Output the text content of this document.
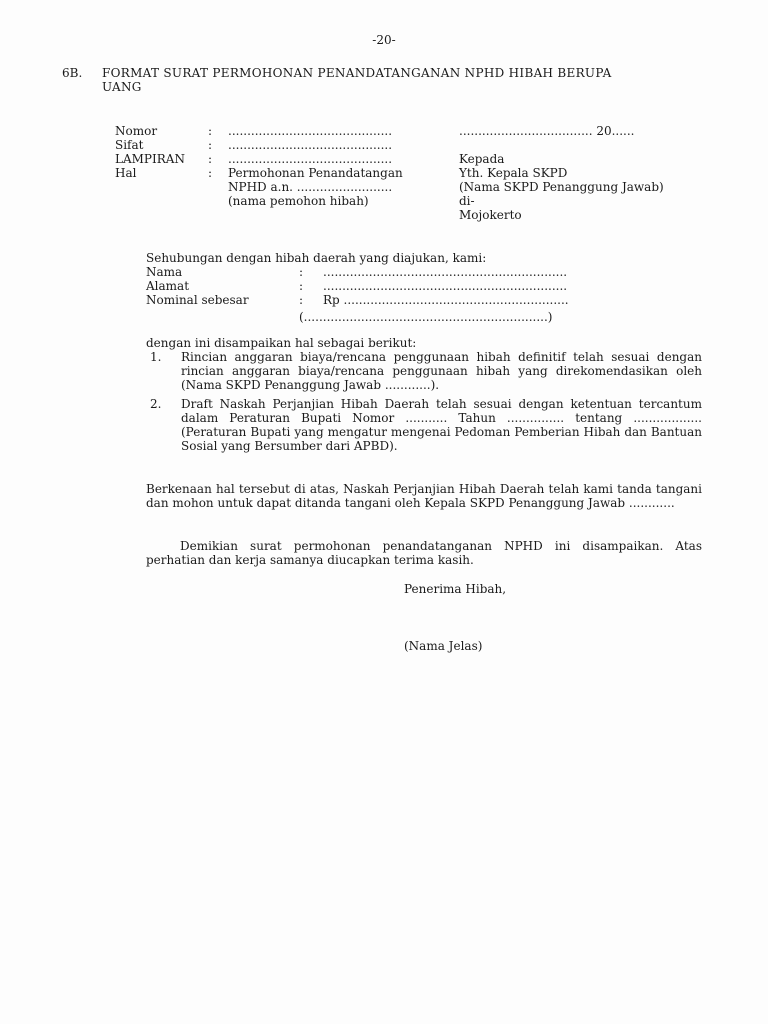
-20-
6B. FORMAT SURAT PERMOHONAN PENANDATANGANAN NPHD HIBAH BERUPA
UANG
Nomor	: ...........................................	................................... 20......
Sifat	: ...........................................
LAMPIRAN : ...........................................	Kepada
Hal	: Permohonan Penandatangan	Yth. Kepala SKPD
NPHD a.n. .........................	(Nama SKPD Penanggung Jawab)
(nama pemohon hibah)	di-
Mojokerto
Sehubungan dengan hibah daerah yang diajukan, kami:
Nama	: ................................................................
Alamat	: ................................................................
Nominal sebesar	: Rp ...........................................................
(................................................................)
dengan ini disampaikan hal sebagai berikut:
1. Rincian anggaran biaya/rencana penggunaan hibah definitif telah sesuai dengan rincian anggaran biaya/rencana penggunaan hibah yang direkomendasikan oleh (Nama SKPD Penanggung Jawab ............).
2. Draft Naskah Perjanjian Hibah Daerah telah sesuai dengan ketentuan tercantum dalam Peraturan Bupati Nomor ........... Tahun ............... tentang .................. (Peraturan Bupati yang mengatur mengenai Pedoman Pemberian Hibah dan Bantuan Sosial yang Bersumber dari APBD).
Berkenaan hal tersebut di atas, Naskah Perjanjian Hibah Daerah telah kami tanda tangani dan mohon untuk dapat ditanda tangani oleh Kepala SKPD Penanggung Jawab ............
Demikian surat permohonan penandatanganan NPHD ini disampaikan. Atas perhatian dan kerja samanya diucapkan terima kasih.
Penerima Hibah,
(Nama Jelas)
